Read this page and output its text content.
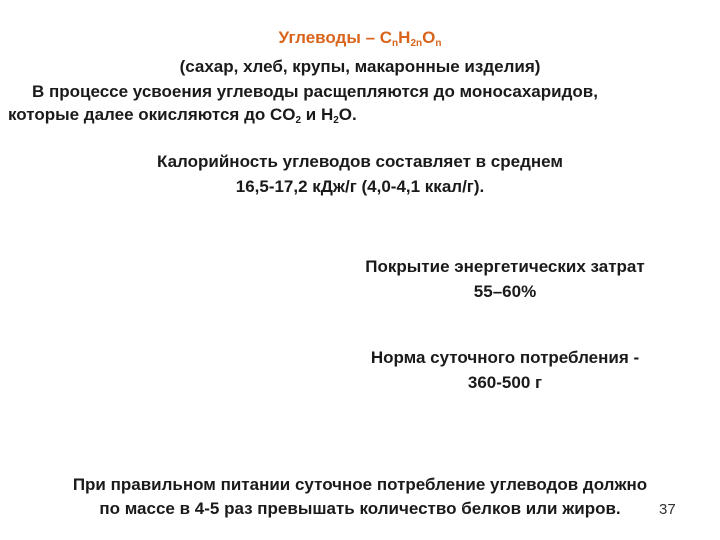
Углеводы – $C_nH_{2n}O_n$
(сахар, хлеб, крупы, макаронные изделия)
В процессе усвоения углеводы расщепляются до моносахаридов,
которые далее окисляются до $CO_2$ и $H_2O$.
Калорийность углеводов составляет в среднем
16,5-17,2 кДж/г (4,0-4,1 ккал/г).
Покрытие энергетических затрат
55–60%
Норма суточного потребления -
360-500 г
При правильном питании суточное потребление углеводов должно
по массе в 4-5 раз превышать количество белков или жиров.	37
